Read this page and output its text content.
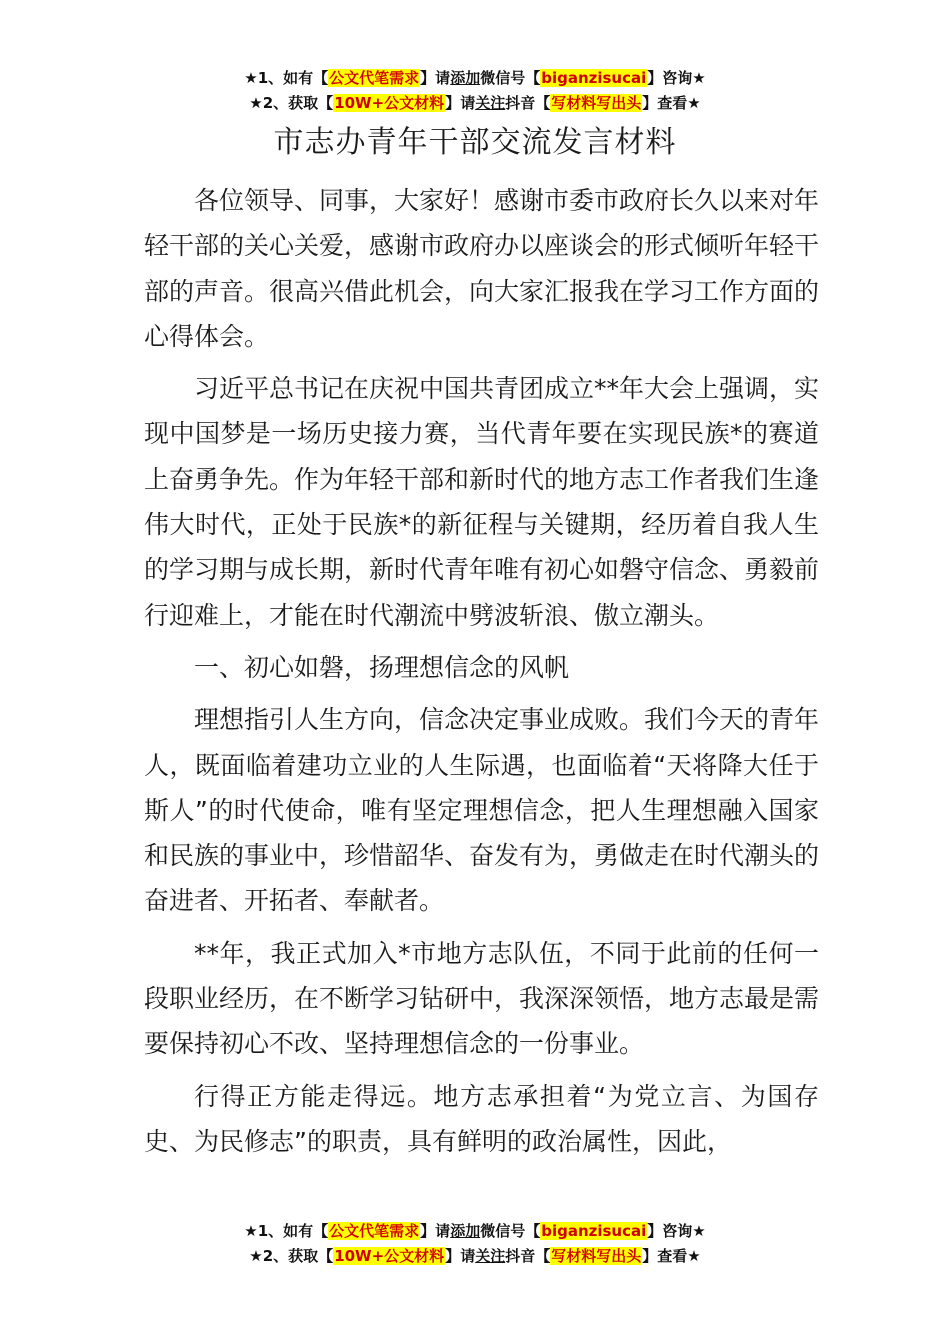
★1、如有【公文代笔需求】请添加微信号【biganzisucai】咨询★
★2、获取【10W+公文材料】请关注抖音【写材料写出头】查看★
市志办青年干部交流发言材料

各位领导、同事，大家好！感谢市委市政府长久以来对年轻干部的关心关爱，感谢市政府办以座谈会的形式倾听年轻干部的声音。很高兴借此机会，向大家汇报我在学习工作方面的心得体会。

习近平总书记在庆祝中国共青团成立**年大会上强调，实现中国梦是一场历史接力赛，当代青年要在实现民族*的赛道上奋勇争先。作为年轻干部和新时代的地方志工作者我们生逢伟大时代，正处于民族*的新征程与关键期，经历着自我人生的学习期与成长期，新时代青年唯有初心如磐守信念、勇毅前行迎难上，才能在时代潮流中劈波斩浪、傲立潮头。

一、初心如磐，扬理想信念的风帆

理想指引人生方向，信念决定事业成败。我们今天的青年人，既面临着建功立业的人生际遇，也面临着“天将降大任于斯人”的时代使命，唯有坚定理想信念，把人生理想融入国家和民族的事业中，珍惜韶华、奋发有为，勇做走在时代潮头的奋进者、开拓者、奉献者。

**年，我正式加入*市地方志队伍，不同于此前的任何一段职业经历，在不断学习钻研中，我深深领悟，地方志最是需要保持初心不改、坚持理想信念的一份事业。

行得正方能走得远。地方志承担着“为党立言、为国存史、为民修志”的职责，具有鲜明的政治属性，因此，

★1、如有【公文代笔需求】请添加微信号【biganzisucai】咨询★
★2、获取【10W+公文材料】请关注抖音【写材料写出头】查看★
